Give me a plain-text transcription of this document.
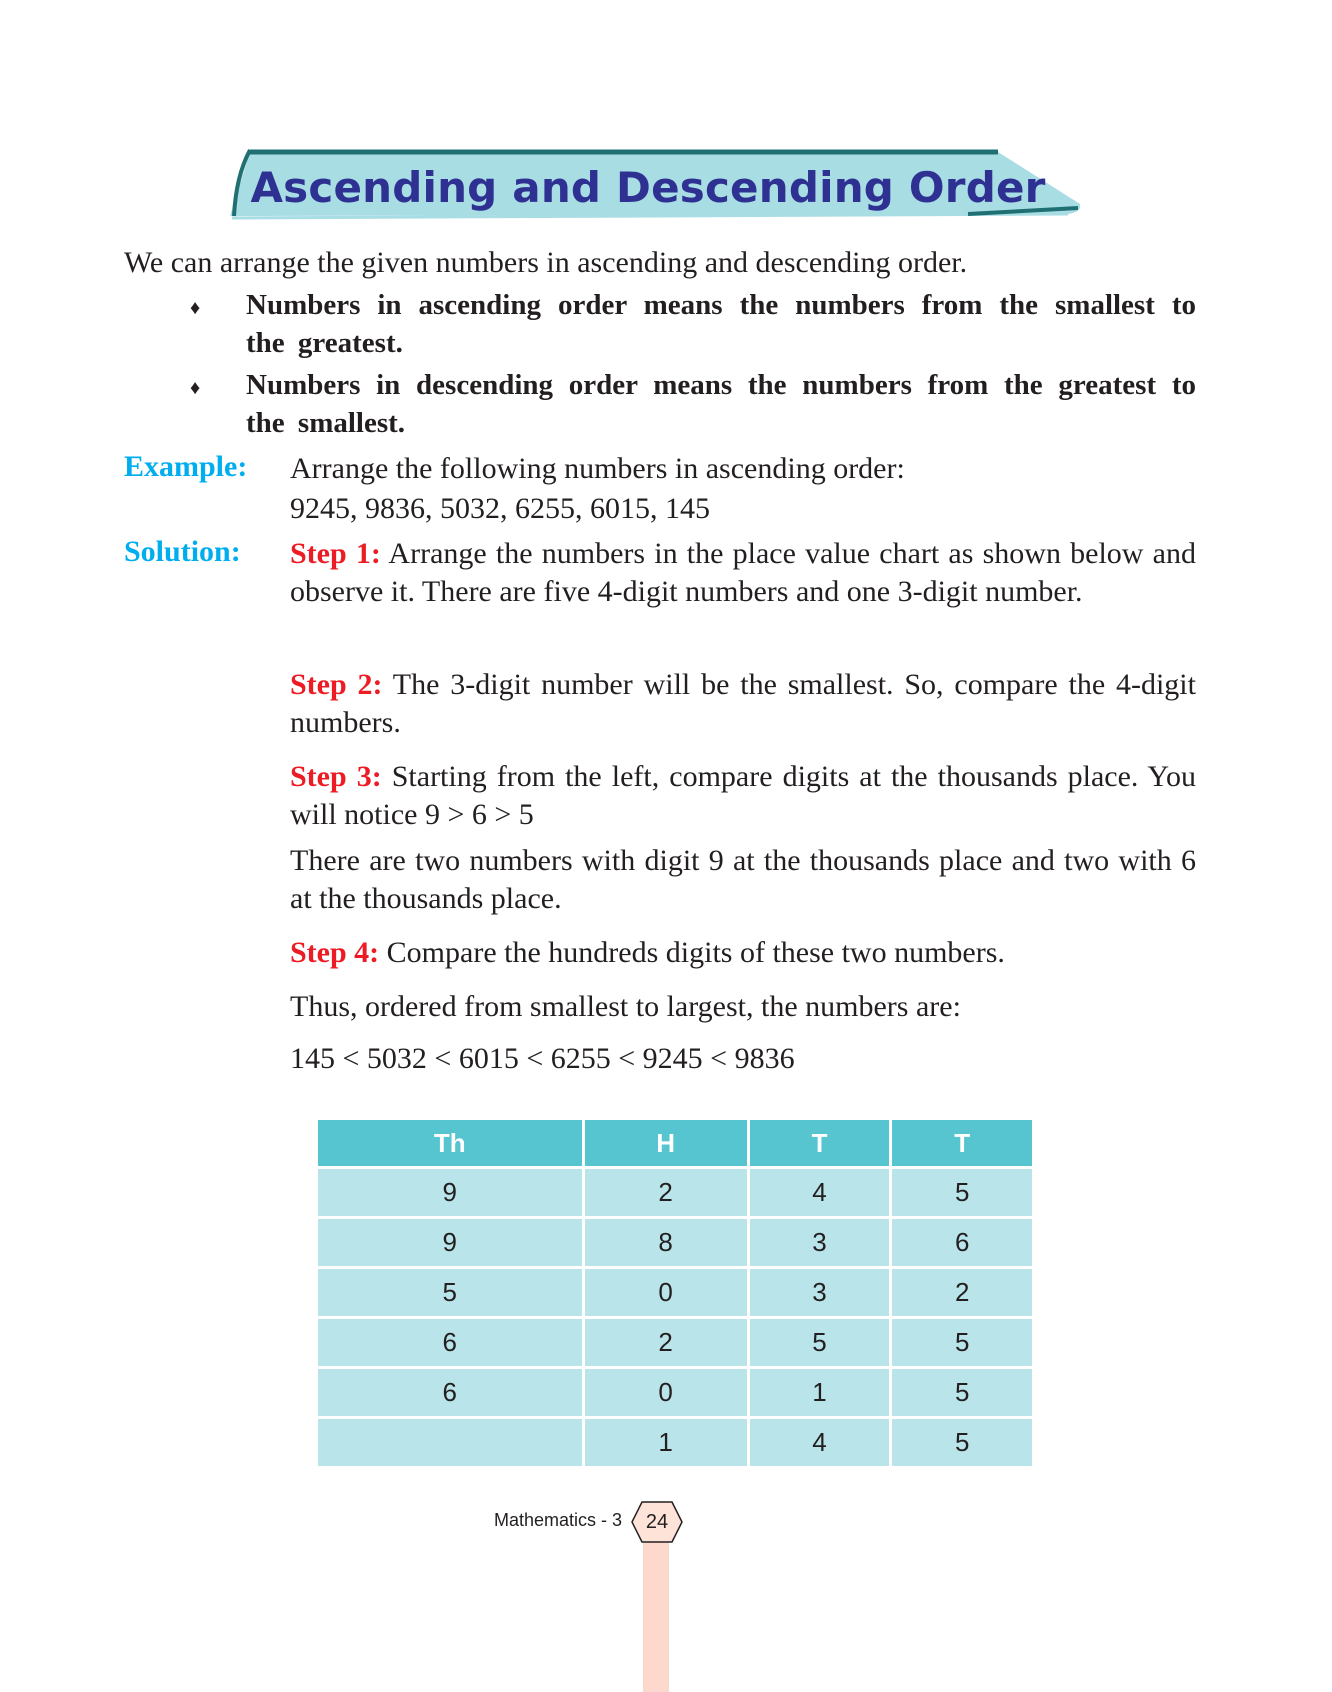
Ascending and Descending Order
We can arrange the given numbers in ascending and descending order.
♦ Numbers in ascending order means the numbers from the smallest to the greatest.
♦ Numbers in descending order means the numbers from the greatest to the smallest.
Example: Arrange the following numbers in ascending order:
9245, 9836, 5032, 6255, 6015, 145
Solution: Step 1: Arrange the numbers in the place value chart as shown below and observe it. There are five 4-digit numbers and one 3-digit number.
Step 2: The 3-digit number will be the smallest. So, compare the 4-digit numbers.
Step 3: Starting from the left, compare digits at the thousands place. You will notice 9 > 6 > 5
There are two numbers with digit 9 at the thousands place and two with 6 at the thousands place.
Step 4: Compare the hundreds digits of these two numbers.
Thus, ordered from smallest to largest, the numbers are:
145 < 5032 < 6015 < 6255 < 9245 < 9836
Th	H	T	T
9	2	4	5
9	8	3	6
5	0	3	2
6	2	5	5
6	0	1	5
	1	4	5
Mathematics - 3	24
